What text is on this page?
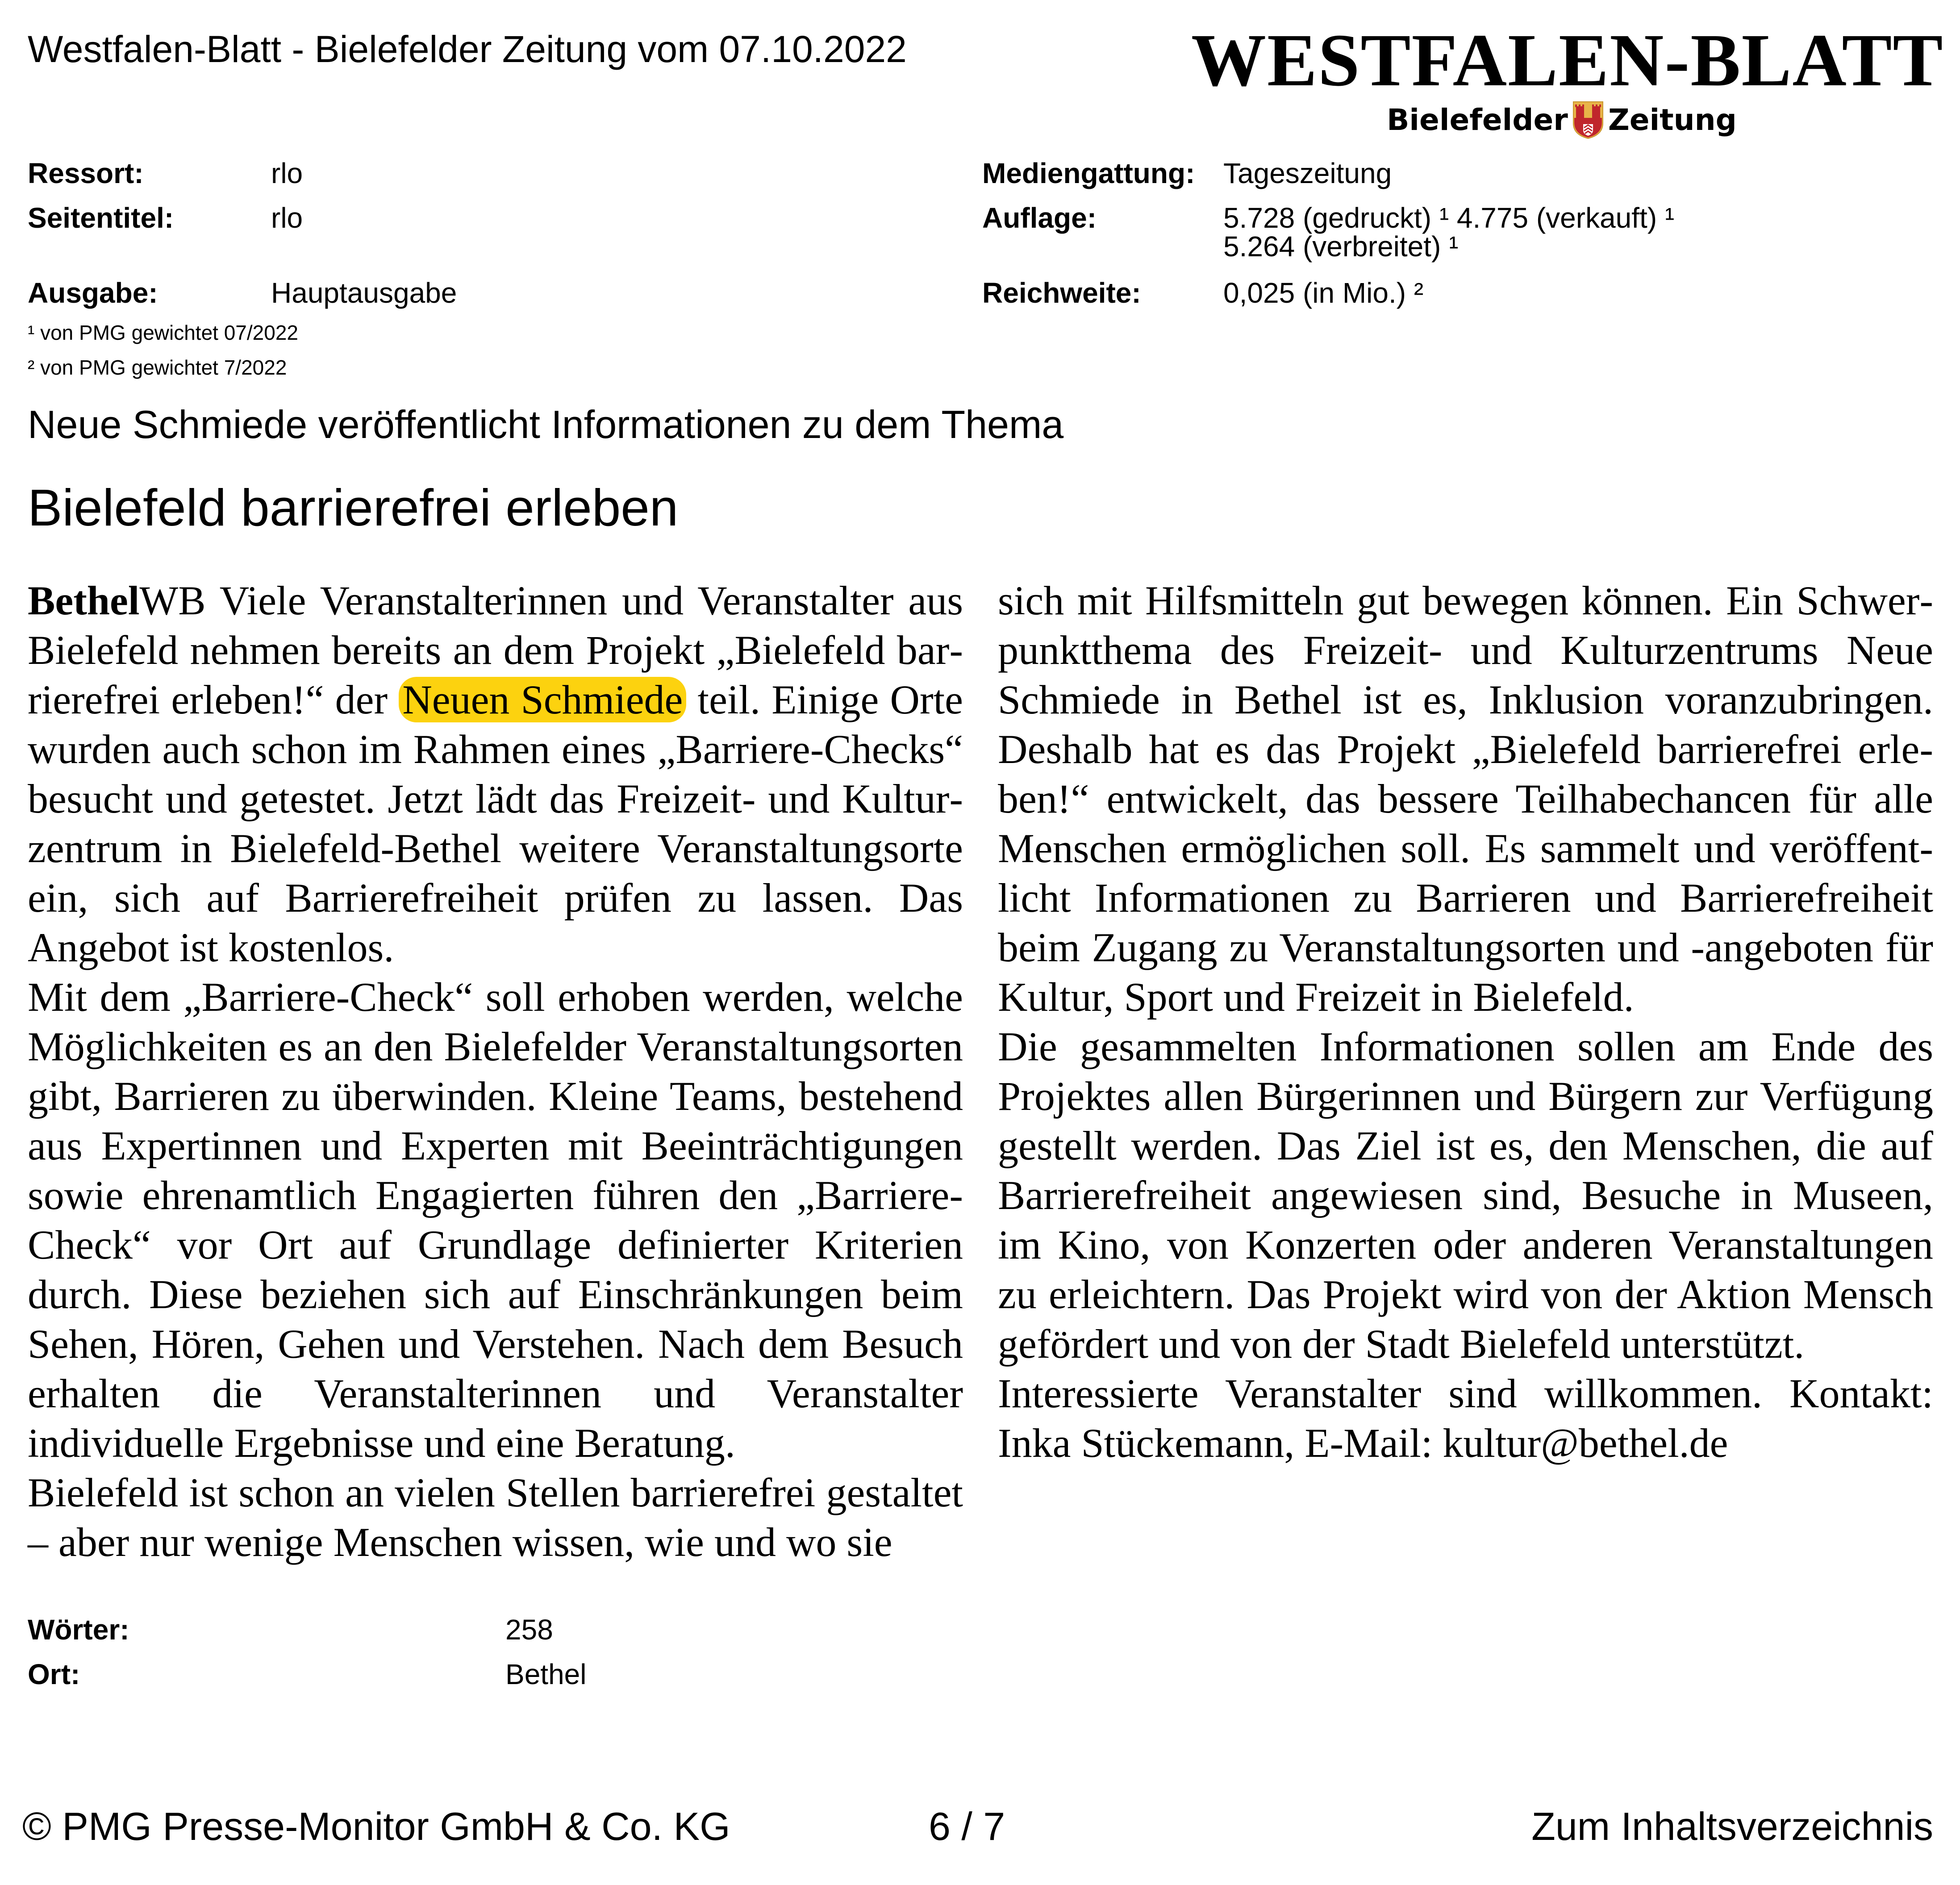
Westfalen-Blatt - Bielefelder Zeitung vom 07.10.2022	WESTFALEN-BLATT
Bielefelder Zeitung
Ressort:	rlo
Seitentitel:	rlo
Ausgabe:	Hauptausgabe
Mediengattung: Tageszeitung
Auflage:	5.728 (gedruckt) ¹ 4.775 (verkauft) ¹
5.264 (verbreitet) ¹
Reichweite:	0,025 (in Mio.) ²
¹ von PMG gewichtet 07/2022
² von PMG gewichtet 7/2022
Neue Schmiede veröffentlicht Informationen zu dem Thema
Bielefeld barrierefrei erleben

BethelWB Viele Veranstalterinnen und Veranstalter aus Bielefeld nehmen bereits an dem Projekt „Bielefeld barrierefrei erleben!“ der Neuen Schmiede teil. Einige Orte wurden auch schon im Rahmen eines „Barriere-Checks“ besucht und getestet. Jetzt lädt das Freizeit- und Kulturzentrum in Bielefeld-Bethel weitere Veranstaltungsorte ein, sich auf Barrierefreiheit prüfen zu lassen. Das Angebot ist kostenlos.

Mit dem „Barriere-Check“ soll erhoben werden, welche Möglichkeiten es an den Bielefelder Veranstaltungsorten gibt, Barrieren zu überwinden. Kleine Teams, bestehend aus Expertinnen und Experten mit Beeinträchtigungen sowie ehrenamtlich Engagierten führen den „Barriere-Check“ vor Ort auf Grundlage definierter Kriterien durch. Diese beziehen sich auf Einschränkungen beim Sehen, Hören, Gehen und Verstehen. Nach dem Besuch erhalten die Veranstalterinnen und Veranstalter individuelle Ergebnisse und eine Beratung.

Bielefeld ist schon an vielen Stellen barrierefrei gestaltet – aber nur wenige Menschen wissen, wie und wo sie

sich mit Hilfsmitteln gut bewegen können. Ein Schwerpunktthema des Freizeit- und Kulturzentrums Neue Schmiede in Bethel ist es, Inklusion voranzubringen. Deshalb hat es das Projekt „Bielefeld barrierefrei erleben!“ entwickelt, das bessere Teilhabechancen für alle Menschen ermöglichen soll. Es sammelt und veröffentlicht Informationen zu Barrieren und Barrierefreiheit beim Zugang zu Veranstaltungsorten und -angeboten für Kultur, Sport und Freizeit in Bielefeld.

Die gesammelten Informationen sollen am Ende des Projektes allen Bürgerinnen und Bürgern zur Verfügung gestellt werden. Das Ziel ist es, den Menschen, die auf Barrierefreiheit angewiesen sind, Besuche in Museen, im Kino, von Konzerten oder anderen Veranstaltungen zu erleichtern. Das Projekt wird von der Aktion Mensch gefördert und von der Stadt Bielefeld unterstützt.

Interessierte Veranstalter sind willkommen. Kontakt: Inka Stückemann, E-Mail: kultur@bethel.de

Wörter:	258
Ort:	Bethel
© PMG Presse-Monitor GmbH & Co. KG	6 / 7	Zum Inhaltsverzeichnis
